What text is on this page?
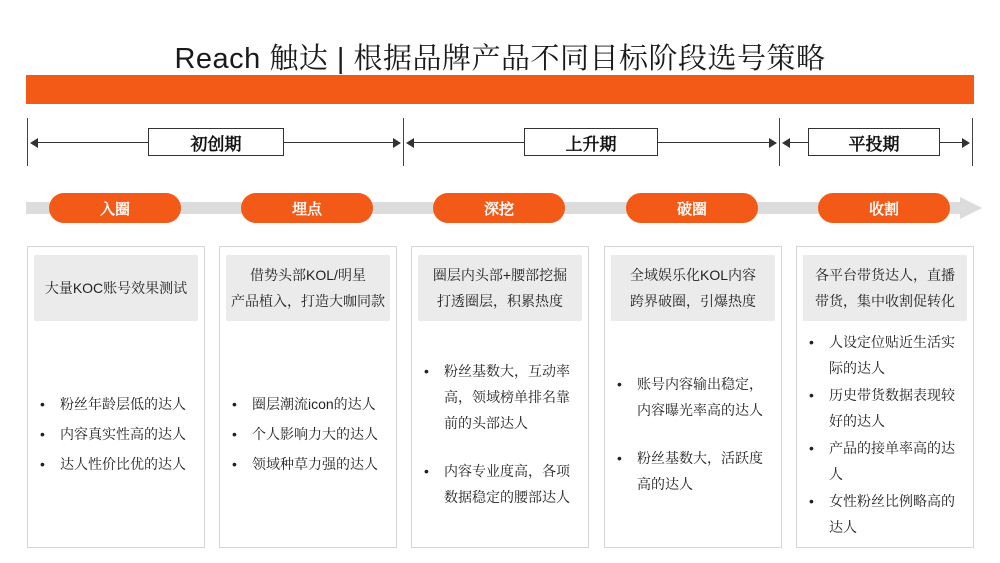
Reach 触达 | 根据品牌产品不同目标阶段选号策略
初创期	上升期	平投期
入圈	埋点	深挖	破圈	收割
大量KOC账号效果测试
• 粉丝年龄层低的达人
• 内容真实性高的达人
• 达人性价比优的达人
借势头部KOL/明星
产品植入，打造大咖同款
• 圈层潮流icon的达人
• 个人影响力大的达人
• 领域种草力强的达人
圈层内头部+腰部挖掘
打透圈层，积累热度
• 粉丝基数大，互动率高，领域榜单排名靠前的头部达人
• 内容专业度高，各项数据稳定的腰部达人
全域娱乐化KOL内容
跨界破圈，引爆热度
• 账号内容输出稳定，内容曝光率高的达人
• 粉丝基数大，活跃度高的达人
各平台带货达人，直播
带货，集中收割促转化
• 人设定位贴近生活实际的达人
• 历史带货数据表现较好的达人
• 产品的接单率高的达人
• 女性粉丝比例略高的达人
